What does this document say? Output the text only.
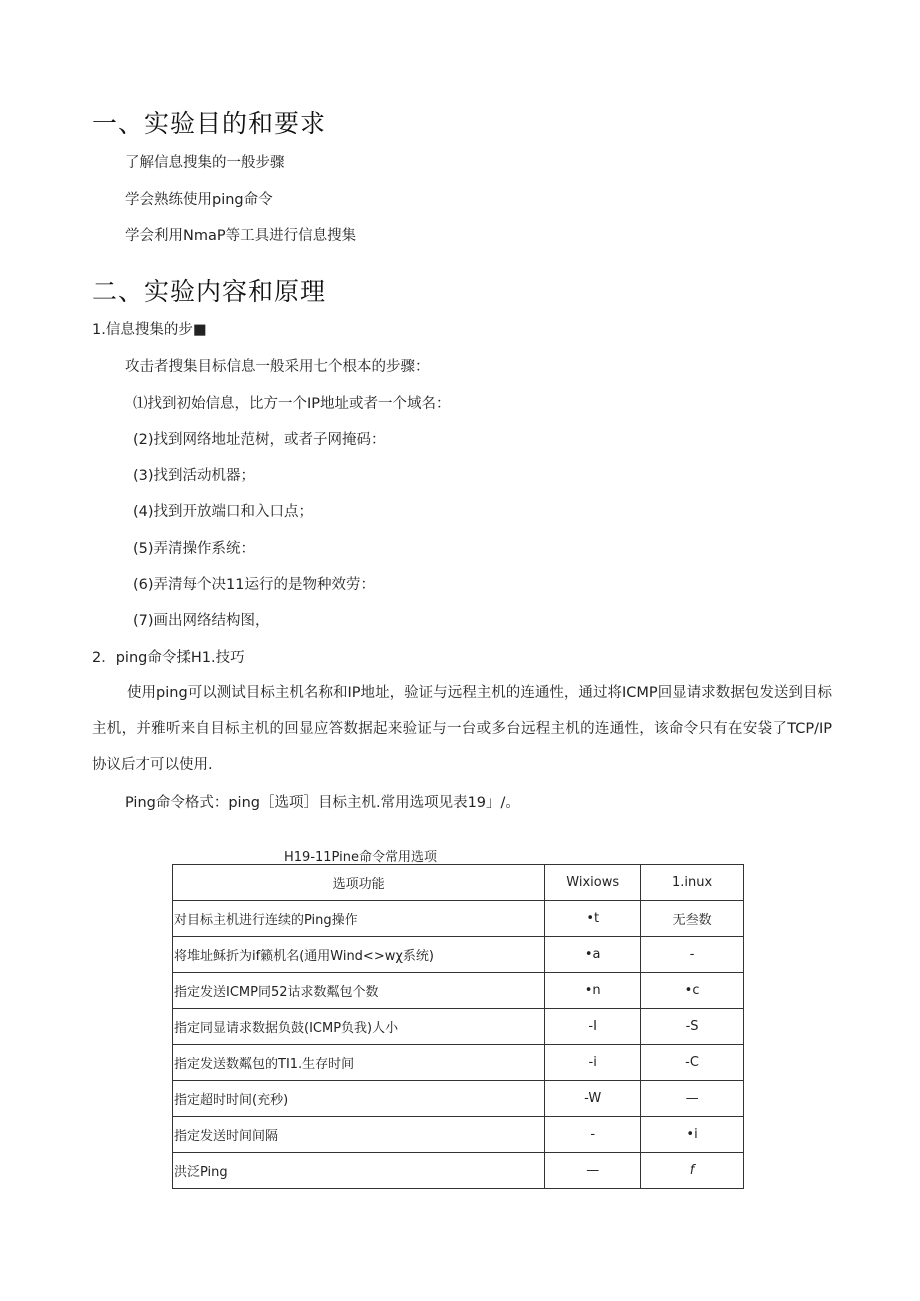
一、实验目的和要求
了解信息搜集的一般步骤
学会熟练使用ping命令
学会利用NmaP等工具进行信息搜集
二、实验内容和原理
1.信息搜集的步■
攻击者搜集目标信息一般采用七个根本的步骤：
⑴找到初始信息，比方一个IP地址或者一个域名：
(2)找到网络地址范树，或者子网掩码：
(3)找到活动机器；
(4)找到开放端口和入口点；
(5)弄清操作系统：
(6)弄清每个决11运行的是物种效劳：
(7)画出网络结构图，
2．ping命令揉H1.技巧
使用ping可以测试目标主机名称和IP地址，验证与远程主机的连通性，通过将ICMP回显请求数据包发送到目标主机，并雅听来自目标主机的回显应答数据起来验证与一台或多台远程主机的连通性，该命令只有在安袋了TCP/IP协议后才可以使用.
Ping命令格式：ping［选项］目标主机.常用选项见表19」/。
H19-11Pine命令常用选项
选项功能	Wixiows	1.inux
对目标主机进行连续的Ping操作	•t	无叁数
将堆址稣折为if籁机名(通用Wind<>wχ系统)	•a	-
指定发送ICMP同52诂求数粼包个数	•n	•c
指定同显请求数据负鼓(ICMP负我)人小	-I	-S
指定发送数粼包的TI1.生存时间	-i	-C
指定超时时间(充秒)	-W	—
指定发送时间间隔	-	•i
洪泛Ping	—	f
